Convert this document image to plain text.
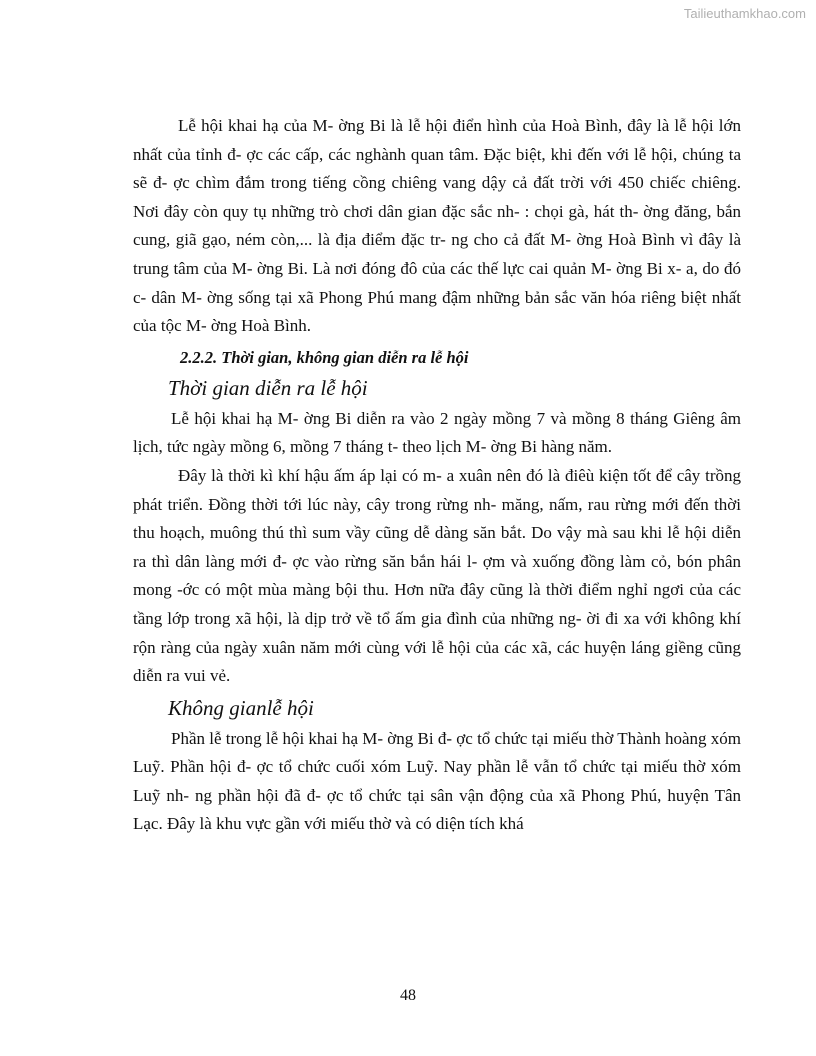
Tailieuthamkhao.com

Lễ hội khai hạ của M- ờng Bi là lễ hội điển hình của Hoà Bình, đây là lễ hội lớn nhất của tỉnh đ- ợc các cấp, các nghành quan tâm. Đặc biệt, khi đến với lễ hội, chúng ta sẽ đ- ợc chìm đắm trong tiếng cồng chiêng vang dậy cả đất trời với 450 chiếc chiêng. Nơi đây còn quy tụ những trò chơi dân gian đặc sắc nh- : chọi gà, hát th- ờng đăng, bắn cung, giã gạo, ném còn,... là địa điểm đặc tr- ng cho cả đất M- ờng Hoà Bình vì đây là trung tâm của M- ờng Bi. Là nơi đóng đô của các thế lực cai quản M- ờng Bi x- a, do đó c- dân M- ờng sống tại xã Phong Phú mang đậm những bản sắc văn hóa riêng biệt nhất của tộc M- ờng Hoà Bình.

2.2.2. Thời gian, không gian diễn ra lễ hội
Thời gian diễn ra lễ hội

Lễ hội khai hạ M- ờng Bi diễn ra vào 2 ngày mồng 7 và mồng 8 tháng Giêng âm lịch, tức ngày mồng 6, mồng 7 tháng t- theo lịch M- ờng Bi hàng năm.

Đây là thời kì khí hậu ấm áp lại có m- a xuân nên đó là điêù kiện tốt để cây trồng phát triển. Đồng thời tới lúc này, cây trong rừng nh- măng, nấm, rau rừng mới đến thời thu hoạch, muông thú thì sum vầy cũng dễ dàng săn bắt. Do vậy mà sau khi lễ hội diễn ra thì dân làng mới đ- ợc vào rừng săn bắn hái l- ợm và xuống đồng làm cỏ, bón phân mong -ớc có một mùa màng bội thu. Hơn nữa đây cũng là thời điểm nghỉ ngơi của các tầng lớp trong xã hội, là dịp trở về tổ ấm gia đình của những ng- ời đi xa với không khí rộn ràng của ngày xuân năm mới cùng với lễ hội của các xã, các huyện láng giềng cũng diễn ra vui vẻ.

Không gianlễ hội

Phần lễ trong lễ hội khai hạ M- ờng Bi đ- ợc tổ chức tại miếu thờ Thành hoàng xóm Luỹ. Phần hội đ- ợc tổ chức cuối xóm Luỹ. Nay phần lễ vẫn tổ chức tại miếu thờ xóm Luỹ nh- ng phần hội đã đ- ợc tổ chức tại sân vận động của xã Phong Phú, huyện Tân Lạc. Đây là khu vực gần với miếu thờ và có diện tích khá

48
